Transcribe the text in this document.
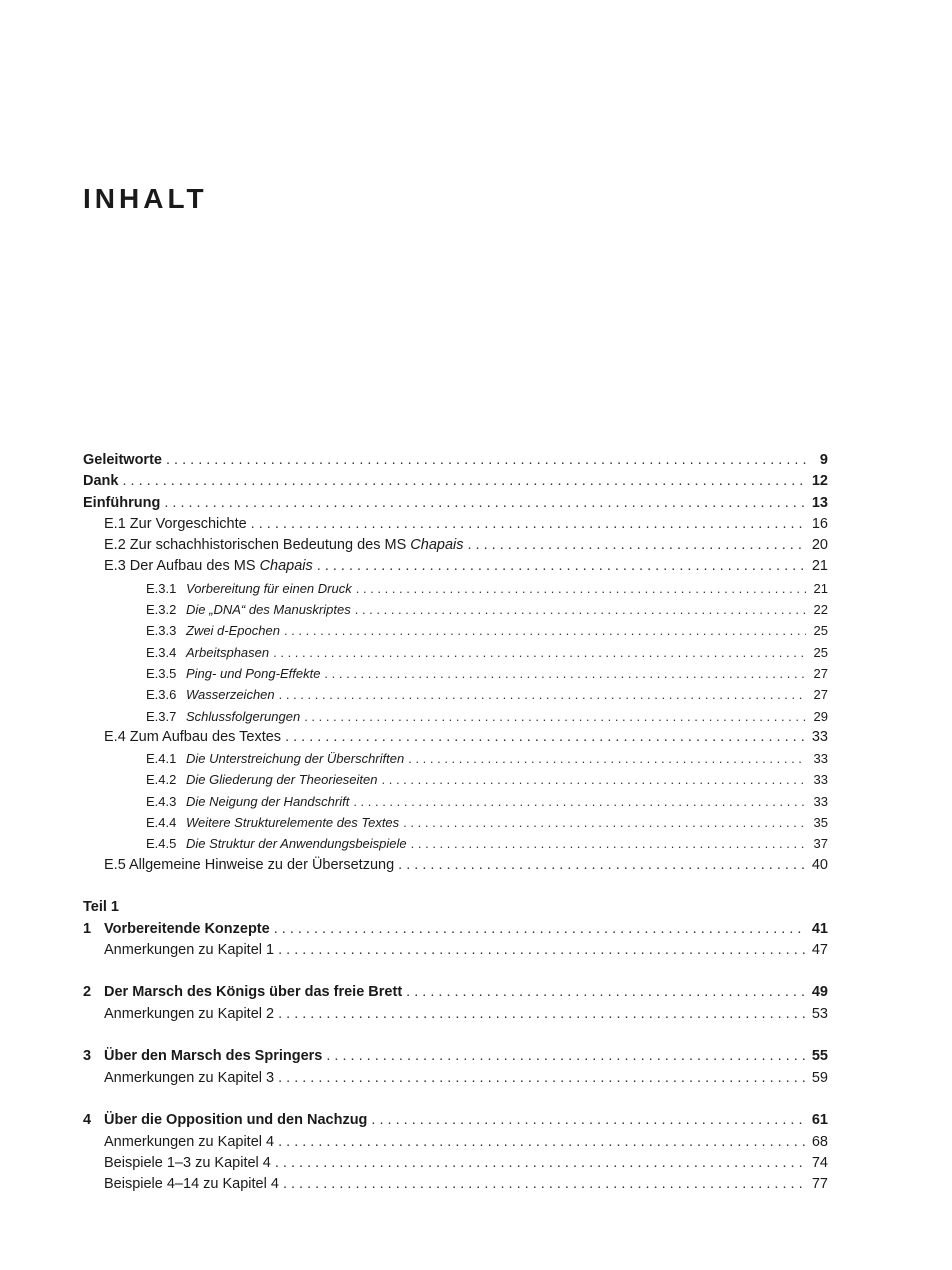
INHALT
Geleitworte . . .	9
Dank . . .	12
Einführung . . .	13
E.1 Zur Vorgeschichte . . .	16
E.2 Zur schachhistorischen Bedeutung des MS Chapais . . .	20
E.3 Der Aufbau des MS Chapais . . .	21
E.3.1 Vorbereitung für einen Druck . . .	21
E.3.2 Die „DNA“ des Manuskriptes . . .	22
E.3.3 Zwei d-Epochen . . .	25
E.3.4 Arbeitsphasen . . .	25
E.3.5 Ping- und Pong-Effekte . . .	27
E.3.6 Wasserzeichen . . .	27
E.3.7 Schlussfolgerungen . . .	29
E.4 Zum Aufbau des Textes . . .	33
E.4.1 Die Unterstreichung der Überschriften . . .	33
E.4.2 Die Gliederung der Theorieseiten . . .	33
E.4.3 Die Neigung der Handschrift . . .	33
E.4.4 Weitere Strukturelemente des Textes . . .	35
E.4.5 Die Struktur der Anwendungsbeispiele . . .	37
E.5 Allgemeine Hinweise zu der Übersetzung . . .	40
Teil 1
1 Vorbereitende Konzepte . . .	41
Anmerkungen zu Kapitel 1 . . .	47
2 Der Marsch des Königs über das freie Brett . . .	49
Anmerkungen zu Kapitel 2 . . .	53
3 Über den Marsch des Springers . . .	55
Anmerkungen zu Kapitel 3 . . .	59
4 Über die Opposition und den Nachzug . . .	61
Anmerkungen zu Kapitel 4 . . .	68
Beispiele 1–3 zu Kapitel 4 . . .	74
Beispiele 4–14 zu Kapitel 4 . . .	77
